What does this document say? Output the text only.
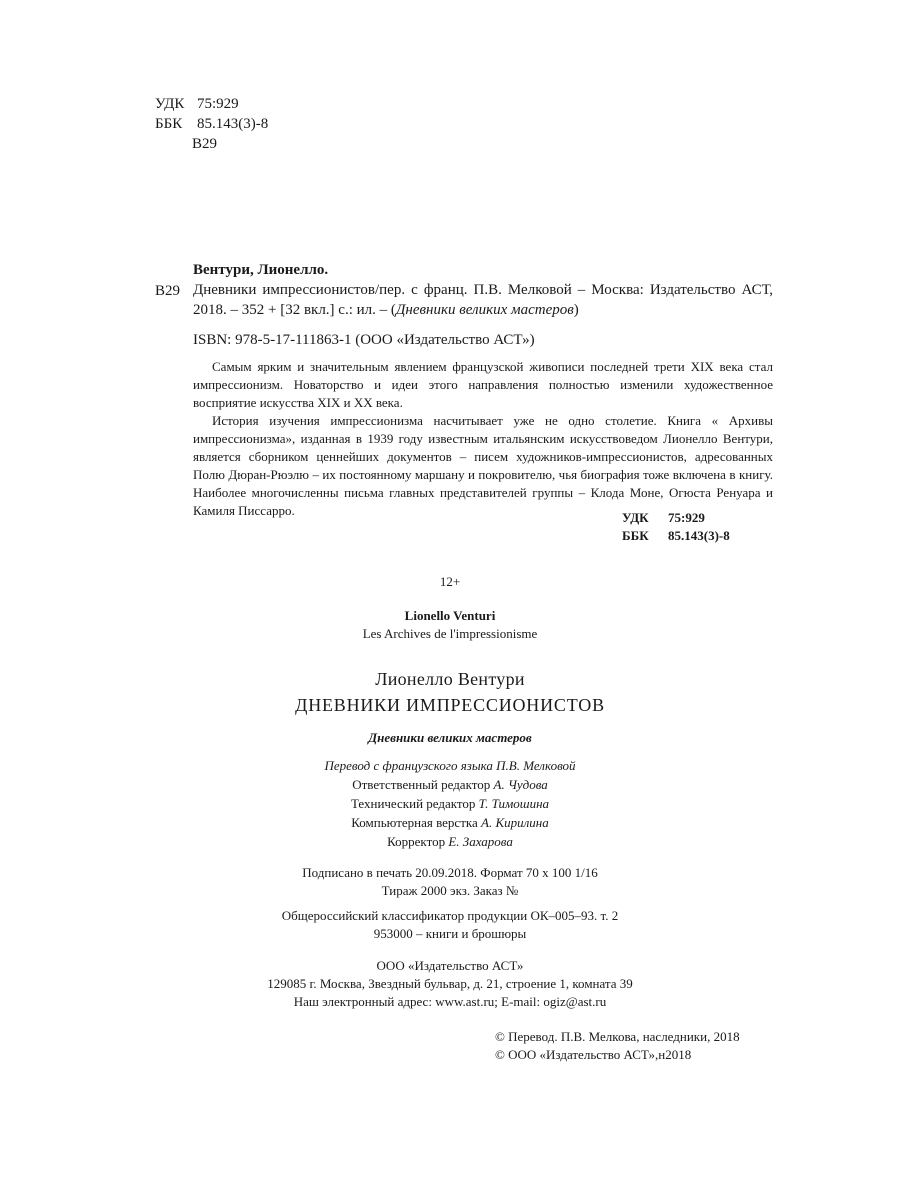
УДК 75:929
ББК 85.143(3)-8
В29
В29

Вентури, Лионелло.

Дневники импрессионистов/пер. с франц. П.В. Мелковой – Москва: Издательство АСТ, 2018. – 352 + [32 вкл.] с.: ил. – (Дневники великих мастеров)

ISBN: 978-5-17-111863-1 (ООО «Издательство АСТ»)

Самым ярким и значительным явлением французской живописи последней трети XIX века стал импрессионизм. Новаторство и идеи этого направления полностью изменили художественное восприятие искусства XIX и XX века.

История изучения импрессионизма насчитывает уже не одно столетие. Книга « Архивы импрессионизма», изданная в 1939 году известным итальянским искусствоведом Лионелло Вентури, является сборником ценнейших документов – писем художников-импрессионистов, адресованных Полю Дюран-Рюэлю – их постоянному маршану и покровителю, чья биография тоже включена в книгу. Наиболее многочисленны письма главных представителей группы – Клода Моне, Огюста Ренуара и Камиля Писсарро.	УДК	75:929
ББК	85.143(3)-8
12+
Lionello Venturi
Les Archives de l'impressionisme
Лионелло Вентури
ДНЕВНИКИ ИМПРЕССИОНИСТОВ
Дневники великих мастеров
Перевод с французского языка П.В. Мелковой
Ответственный редактор А. Чудова
Технический редактор Т. Тимошина
Компьютерная верстка А. Кирилина
Корректор Е. Захарова
Подписано в печать 20.09.2018. Формат 70 х 100 1/16
Тираж 2000 экз. Заказ №
Общероссийский классификатор продукции ОК–005–93. т. 2
953000 – книги и брошюры
ООО «Издательство АСТ»
129085 г. Москва, Звездный бульвар, д. 21, строение 1, комната 39
Наш электронный адрес: www.ast.ru; E-mail: ogiz@ast.ru
© Перевод. П.В. Мелкова, наследники, 2018
© ООО «Издательство АСТ»,н2018
